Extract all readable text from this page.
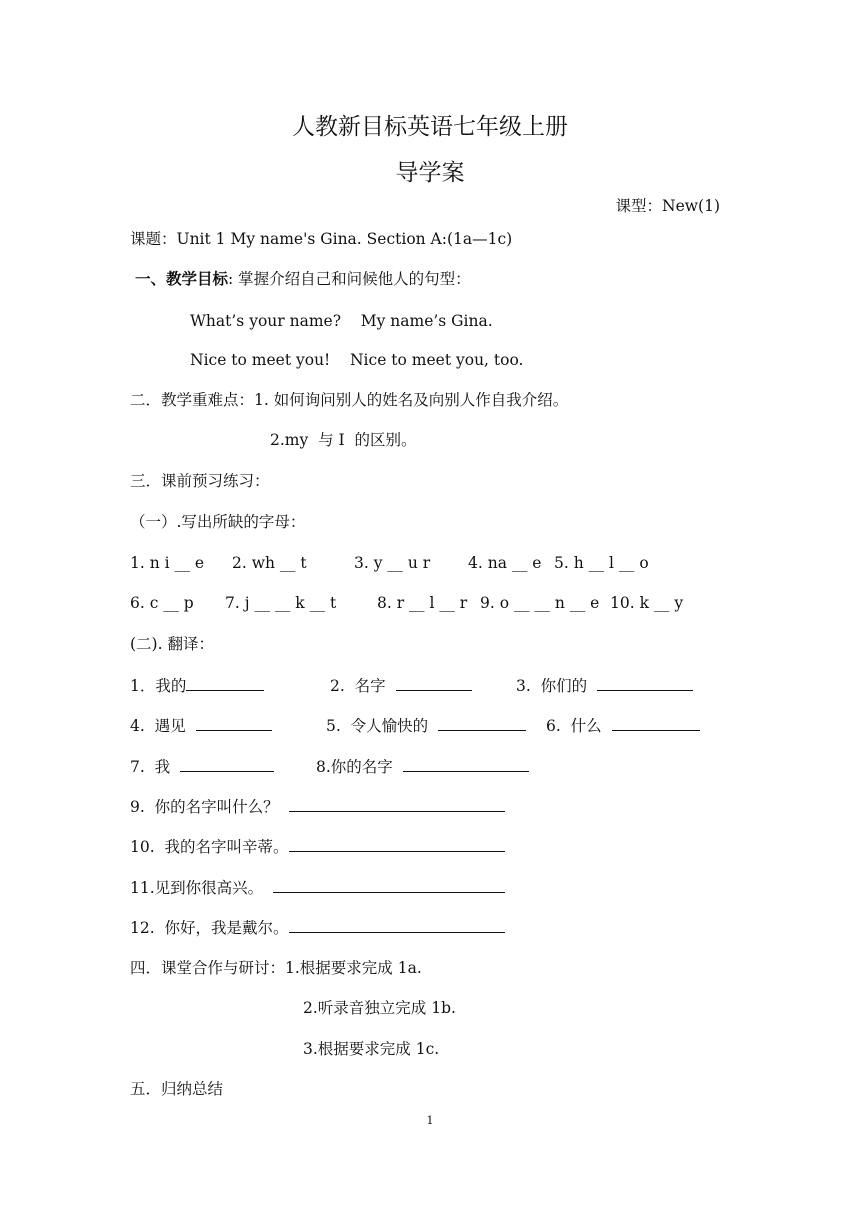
人教新目标英语七年级上册
导学案
课型：New(1)
课题：Unit 1 My name's Gina. Section A:(1a—1c)
一、教学目标: 掌握介绍自己和问候他人的句型：
What’s your name?    My name’s Gina.
Nice to meet you!    Nice to meet you, too.
二．教学重难点：1. 如何询问别人的姓名及向别人作自我介绍。
2.my  与 I  的区别。
三．课前预习练习：
（一）.写出所缺的字母：
1. n i __ e 2. wh __ t	3. y __ u r 4. na __ e 5. h __ l __ o
6. c __ p 7. j __ __ k __ t	8. r __ l __ r 9. o __ __ n __ e 10. k __ y
(二). 翻译：
1．我的	2.  名字	3.  你们的
4.  遇见	5.  令人愉快的	6.  什么
7.  我	8.你的名字
9.  你的名字叫什么？
10.  我的名字叫辛蒂。
11.见到你很高兴。
12.  你好，我是戴尔。
四．课堂合作与研讨：1.根据要求完成 1a.
2.听录音独立完成 1b.
3.根据要求完成 1c.
五．归纳总结
1
